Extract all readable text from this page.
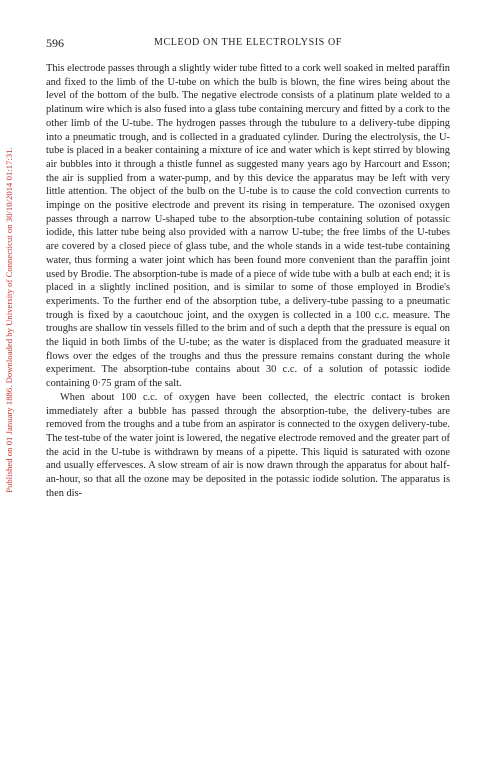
Published on 01 January 1886. Downloaded by University of Connecticut on 30/10/2014 01:17:31.
596	MCLEOD ON THE ELECTROLYSIS OF

This electrode passes through a slightly wider tube fitted to a cork well soaked in melted paraffin and fixed to the limb of the U-tube on which the bulb is blown, the fine wires being about the level of the bottom of the bulb. The negative electrode consists of a platinum plate welded to a platinum wire which is also fused into a glass tube containing mercury and fitted by a cork to the other limb of the U-tube. The hydrogen passes through the tubulure to a delivery-tube dipping into a pneumatic trough, and is collected in a graduated cylinder. During the electrolysis, the U-tube is placed in a beaker containing a mixture of ice and water which is kept stirred by blowing air bubbles into it through a thistle funnel as suggested many years ago by Harcourt and Esson; the air is supplied from a water-pump, and by this device the apparatus may be left with very little attention. The object of the bulb on the U-tube is to cause the cold convection currents to impinge on the positive electrode and prevent its rising in temperature. The ozonised oxygen passes through a narrow U-shaped tube to the absorption-tube containing solution of potassic iodide, this latter tube being also provided with a narrow U-tube; the free limbs of the U-tubes are covered by a closed piece of glass tube, and the whole stands in a wide test-tube containing water, thus forming a water joint which has been found more convenient than the paraffin joint used by Brodie. The absorption-tube is made of a piece of wide tube with a bulb at each end; it is placed in a slightly inclined position, and is similar to some of those employed in Brodie's experiments. To the further end of the absorption tube, a delivery-tube passing to a pneumatic trough is fixed by a caoutchouc joint, and the oxygen is collected in a 100 c.c. measure. The troughs are shallow tin vessels filled to the brim and of such a depth that the pressure is equal on the liquid in both limbs of the U-tube; as the water is displaced from the graduated measure it flows over the edges of the troughs and thus the pressure remains constant during the whole experiment. The absorption-tube contains about 30 c.c. of a solution of potassic iodide containing 0·75 gram of the salt.

When about 100 c.c. of oxygen have been collected, the electric contact is broken immediately after a bubble has passed through the absorption-tube, the delivery-tubes are removed from the troughs and a tube from an aspirator is connected to the oxygen delivery-tube. The test-tube of the water joint is lowered, the negative electrode removed and the greater part of the acid in the U-tube is withdrawn by means of a pipette. This liquid is saturated with ozone and usually effervesces. A slow stream of air is now drawn through the apparatus for about half-an-hour, so that all the ozone may be deposited in the potassic iodide solution. The apparatus is then dis-
